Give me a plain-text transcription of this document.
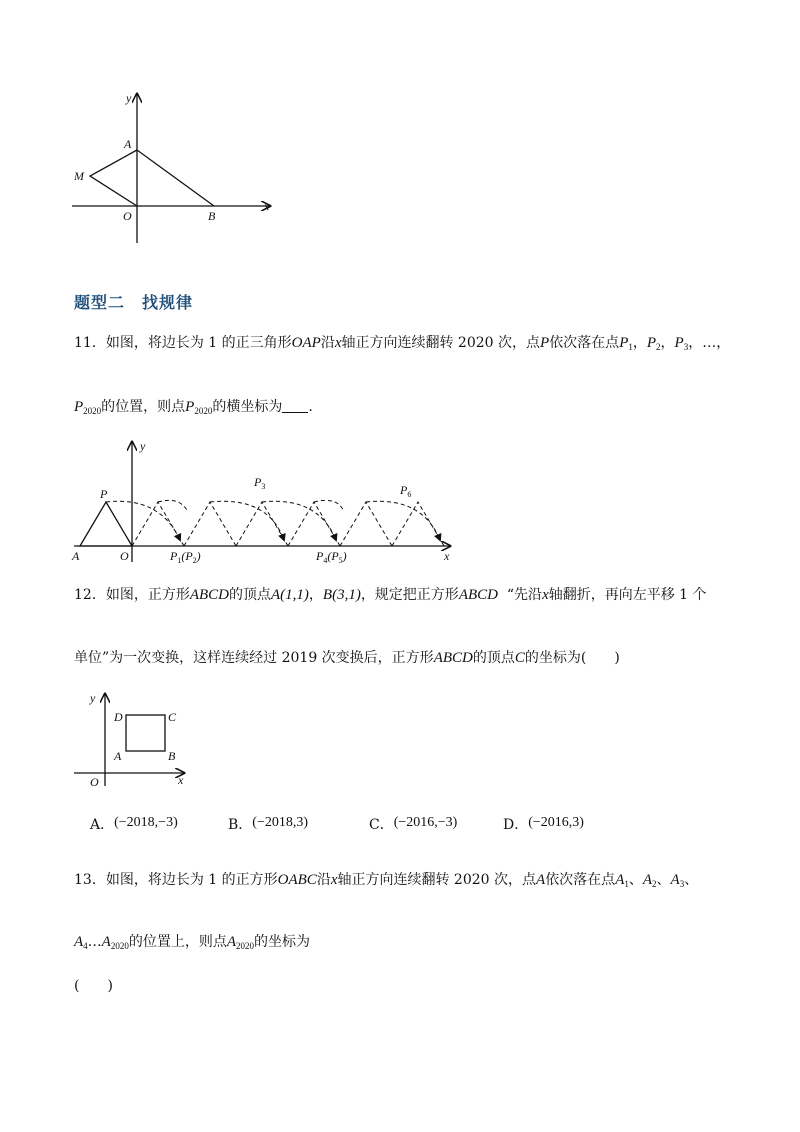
y
x
A
M
O	B
题型二　找规律
11．如图，将边长为 1 的正三角形OAP沿x轴正方向连续翻转 2020 次，点P依次落在点$P_1$，$P_2$，$P_3$，…，
$P_{2020}$的位置，则点$P_{2020}$的横坐标为 .
y
x
A	O
P
$P_3$	$P_6$
$P_1(P_2)$	$P_4(P_5)$
12．如图，正方形ABCD的顶点A(1,1)，B(3,1)，规定把正方形ABCD “先沿x轴翻折，再向左平移 1 个
单位”为一次变换，这样连续经过 2019 次变换后，正方形ABCD的顶点C的坐标为(　　)
y
x
D	C
A	B
O
A．(−2018,−3)	B．(−2018,3)	C．(−2016,−3)	D．(−2016,3)
13．如图，将边长为 1 的正方形OABC沿x轴正方向连续翻转 2020 次，点A依次落在点$A_1$、$A_2$、$A_3$、
$A_4\dots A_{2020}$的位置上，则点$A_{2020}$的坐标为
(　　)
